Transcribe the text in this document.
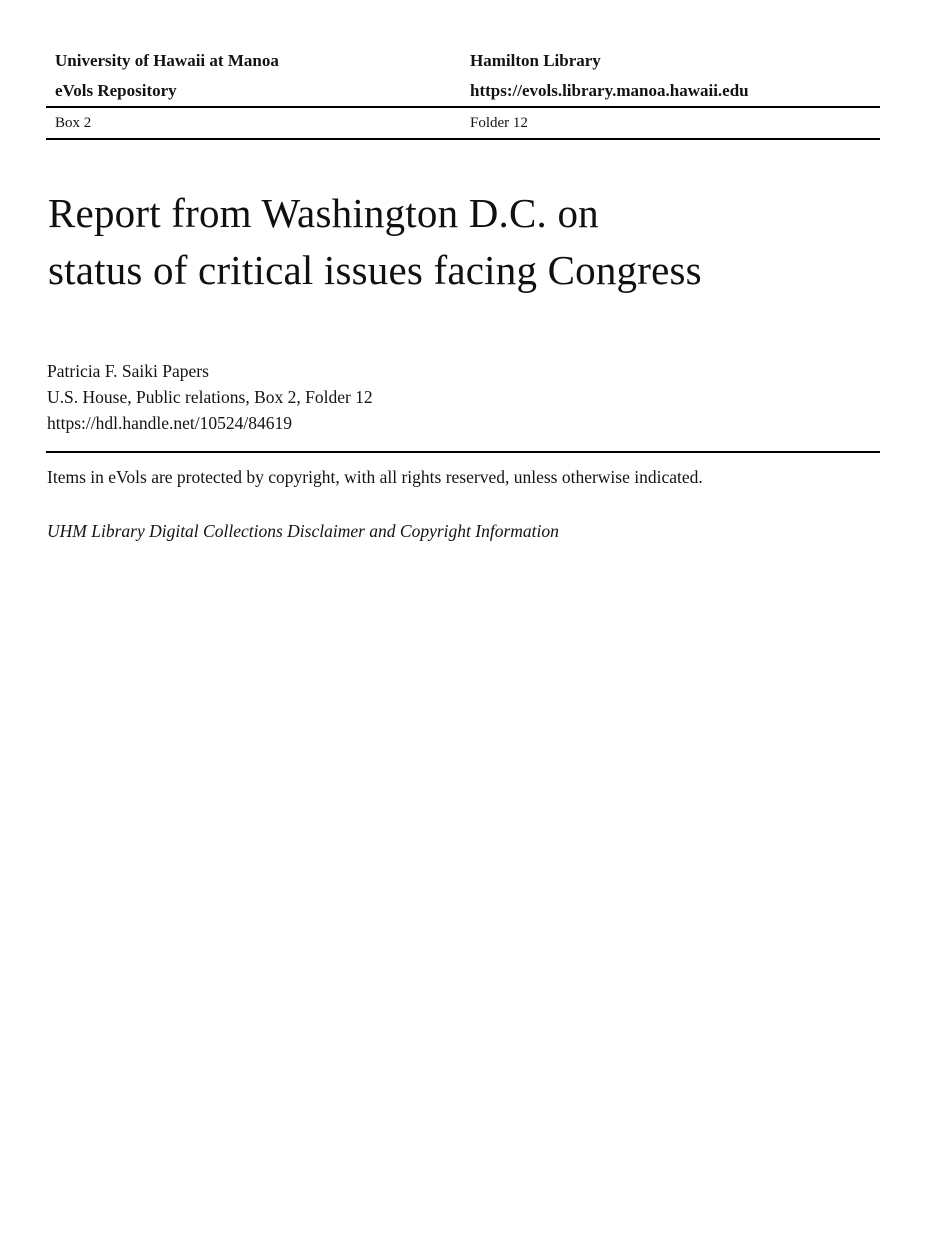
University of Hawaii at Manoa
eVols Repository
Hamilton Library
https://evols.library.manoa.hawaii.edu
Box 2	Folder 12
Report from Washington D.C. on
status of critical issues facing Congress
Patricia F. Saiki Papers
U.S. House, Public relations, Box 2, Folder 12
https://hdl.handle.net/10524/84619

Items in eVols are protected by copyright, with all rights reserved, unless otherwise indicated.

UHM Library Digital Collections Disclaimer and Copyright Information
